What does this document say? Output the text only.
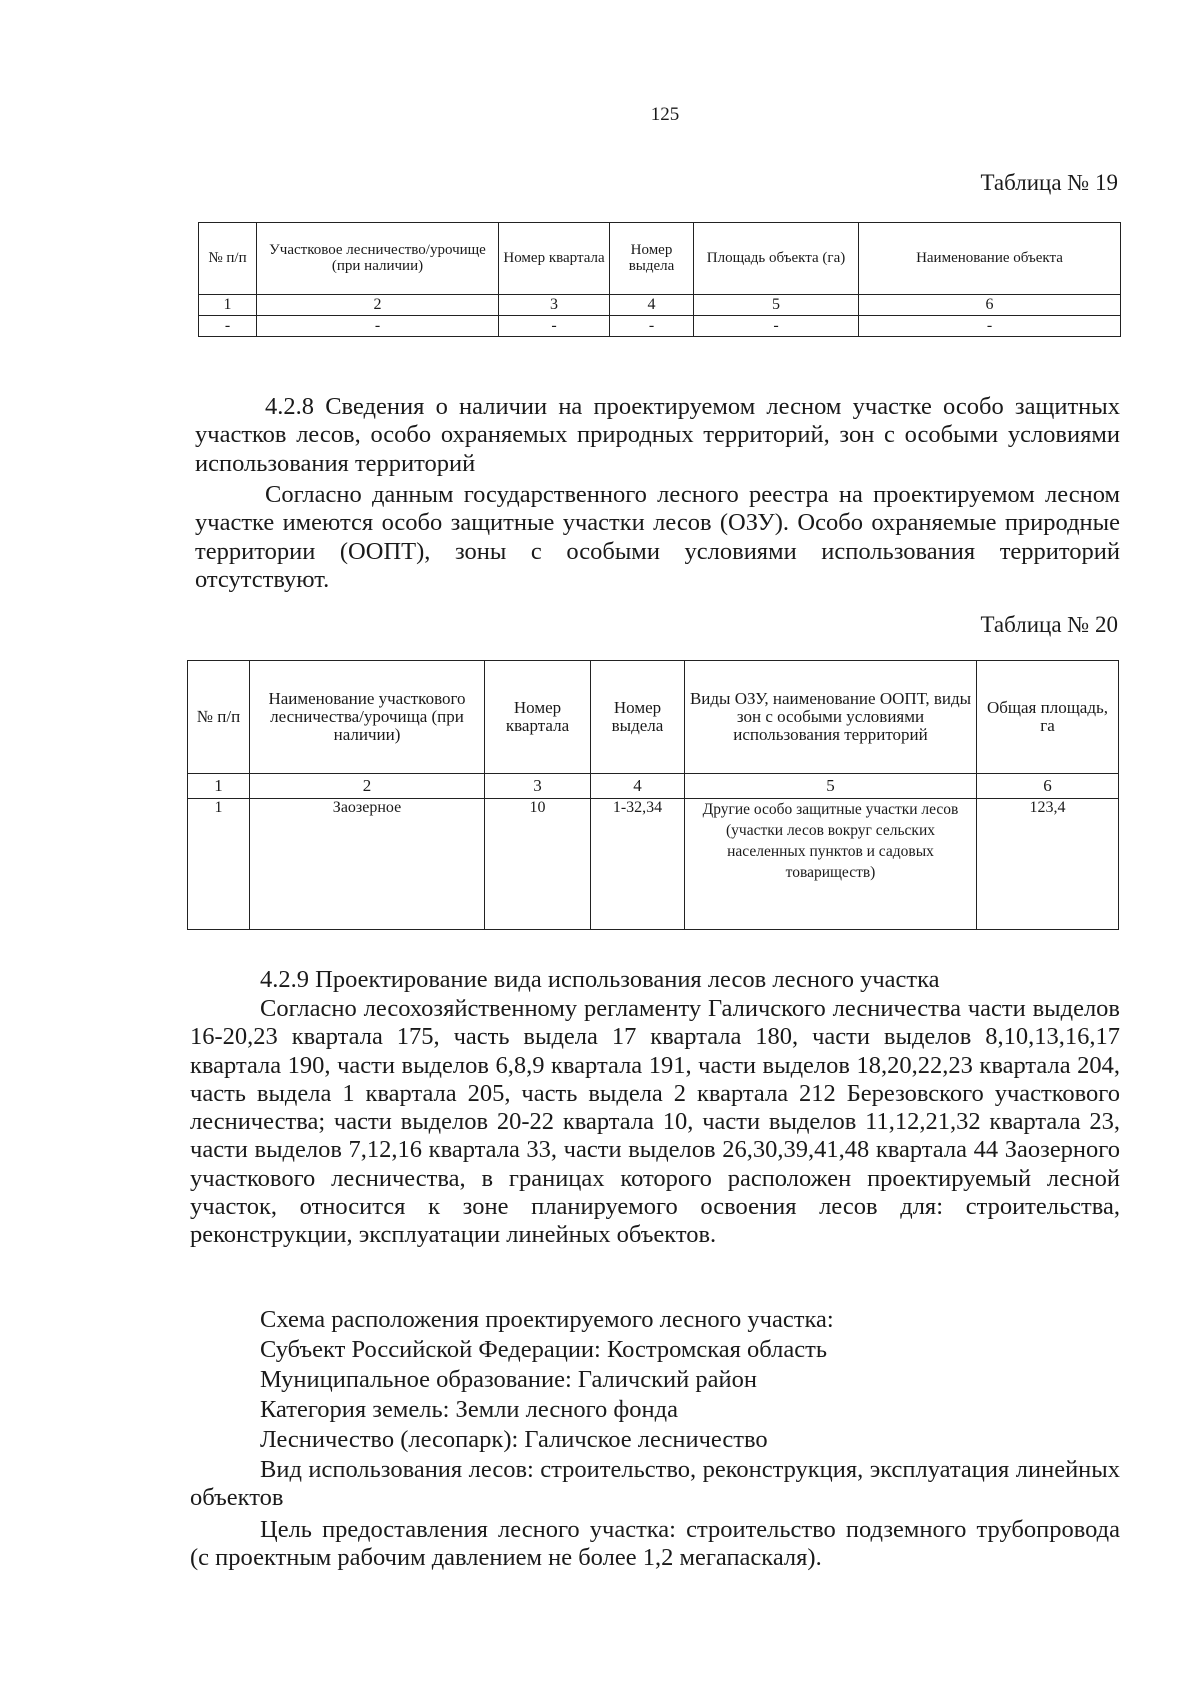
125
Таблица № 19
№ п/п	Участковое лесничество/урочище (при наличии)	Номер квартала	Номер выдела	Площадь объекта (га)	Наименование объекта
1	2	3	4	5	6
-	-	-	-	-	-

4.2.8 Сведения о наличии на проектируемом лесном участке особо защитных участков лесов, особо охраняемых природных территорий, зон с особыми условиями использования территорий

Согласно данным государственного лесного реестра на проектируемом лесном участке имеются особо защитные участки лесов (ОЗУ). Особо охраняемые природные территории (ООПТ), зоны с особыми условиями использования территорий отсутствуют.

Таблица № 20
№ п/п	Наименование участкового лесничества/урочища (при наличии)	Номер квартала	Номер выдела	Виды ОЗУ, наименование ООПТ, виды зон с особыми условиями использования территорий	Общая площадь, га
1	2	3	4	5	6
1	Заозерное	10	1-32,34	Другие особо защитные участки лесов (участки лесов вокруг сельских населенных пунктов и садовых товариществ)	123,4

4.2.9 Проектирование вида использования лесов лесного участка

Согласно лесохозяйственному регламенту Галичского лесничества части выделов 16-20,23 квартала 175, часть выдела 17 квартала 180, части выделов 8,10,13,16,17 квартала 190, части выделов 6,8,9 квартала 191, части выделов 18,20,22,23 квартала 204, часть выдела 1 квартала 205, часть выдела 2 квартала 212 Березовского участкового лесничества; части выделов 20-22 квартала 10, части выделов 11,12,21,32 квартала 23, части выделов 7,12,16 квартала 33, части выделов 26,30,39,41,48 квартала 44 Заозерного участкового лесничества, в границах которого расположен проектируемый лесной участок, относится к зоне планируемого освоения лесов для: строительства, реконструкции, эксплуатации линейных объектов.

Схема расположения проектируемого лесного участка:

Субъект Российской Федерации: Костромская область

Муниципальное образование: Галичский район

Категория земель: Земли лесного фонда

Лесничество (лесопарк): Галичское лесничество

Вид использования лесов: строительство, реконструкция, эксплуатация линейных объектов

Цель предоставления лесного участка: строительство подземного трубопровода (с проектным рабочим давлением не более 1,2 мегапаскаля).
